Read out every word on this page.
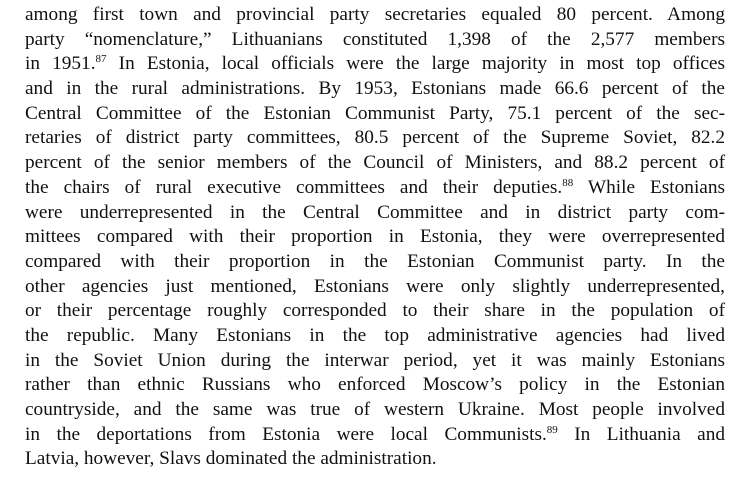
among first town and provincial party secretaries equaled 80 percent. Among
party “nomenclature,” Lithuanians constituted 1,398 of the 2,577 members
in 1951.87 In Estonia, local officials were the large majority in most top offices
and in the rural administrations. By 1953, Estonians made 66.6 percent of the
Central Committee of the Estonian Communist Party, 75.1 percent of the sec-
retaries of district party committees, 80.5 percent of the Supreme Soviet, 82.2
percent of the senior members of the Council of Ministers, and 88.2 percent of
the chairs of rural executive committees and their deputies.$^{88}$ While Estonians
were underrepresented in the Central Committee and in district party com-
mittees compared with their proportion in Estonia, they were overrepresented
compared with their proportion in the Estonian Communist party. In the
other agencies just mentioned, Estonians were only slightly underrepresented,
or their percentage roughly corresponded to their share in the population of
the republic. Many Estonians in the top administrative agencies had lived
in the Soviet Union during the interwar period, yet it was mainly Estonians
rather than ethnic Russians who enforced Moscow’s policy in the Estonian
countryside, and the same was true of western Ukraine. Most people involved
in the deportations from Estonia were local Communists.$^{89}$ In Lithuania and
Latvia, however, Slavs dominated the administration.
